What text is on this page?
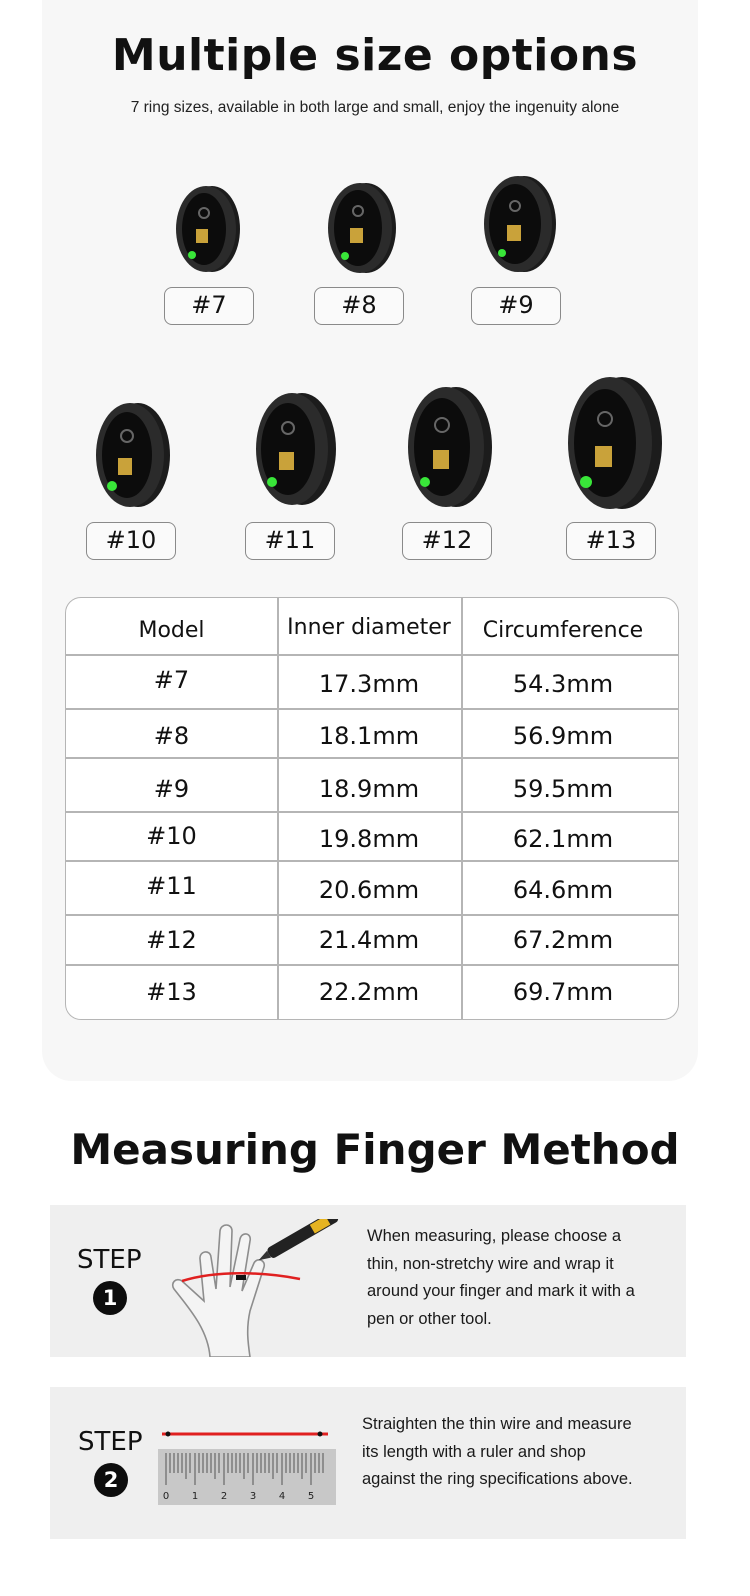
Multiple size options
7 ring sizes, available in both large and small, enjoy the ingenuity alone
#7	#8	#9
#10	#11	#12	#13
Model	Inner diameter	Circumference
#7	17.3mm	54.3mm
#8	18.1mm	56.9mm
#9	18.9mm	59.5mm
#10	19.8mm	62.1mm
#11	20.6mm	64.6mm
#12	21.4mm	67.2mm
#13	22.2mm	69.7mm
Measuring Finger Method
STEP
1
When measuring, please choose a thin, non-stretchy wire and wrap it around your finger and mark it with a pen or other tool.
STEP
2
0 1 2 3 4 5
Straighten the thin wire and measure its length with a ruler and shop against the ring specifications above.
